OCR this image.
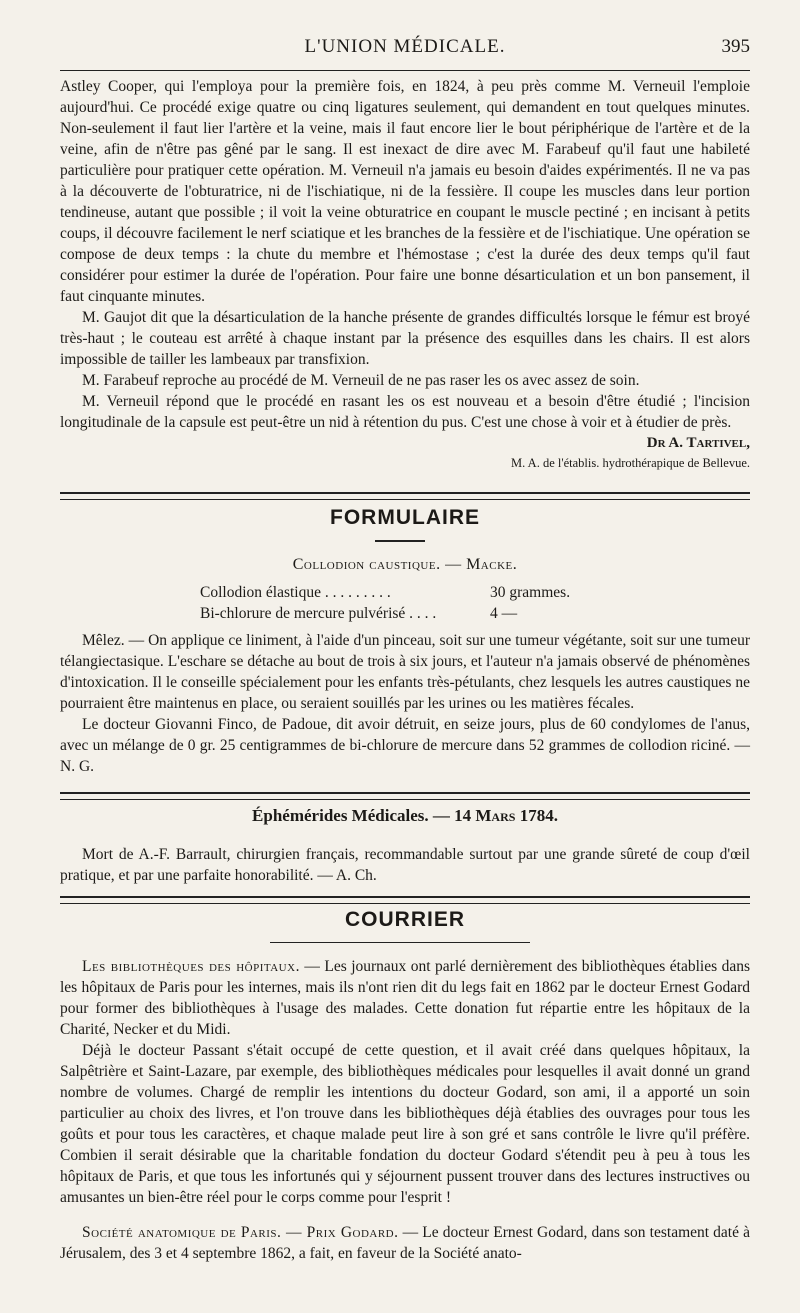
L'UNION MÉDICALE.	395

Astley Cooper, qui l'employa pour la première fois, en 1824, à peu près comme M. Verneuil l'emploie aujourd'hui. Ce procédé exige quatre ou cinq ligatures seulement, qui demandent en tout quelques minutes. Non-seulement il faut lier l'artère et la veine, mais il faut encore lier le bout périphérique de l'artère et de la veine, afin de n'être pas gêné par le sang. Il est inexact de dire avec M. Farabeuf qu'il faut une habileté particulière pour pratiquer cette opération. M. Verneuil n'a jamais eu besoin d'aides expérimentés. Il ne va pas à la découverte de l'obturatrice, ni de l'ischiatique, ni de la fessière. Il coupe les muscles dans leur portion tendineuse, autant que possible ; il voit la veine obturatrice en coupant le muscle pectiné ; en incisant à petits coups, il découvre facilement le nerf sciatique et les branches de la fessière et de l'ischiatique. Une opération se compose de deux temps : la chute du membre et l'hémostase ; c'est la durée des deux temps qu'il faut considérer pour estimer la durée de l'opération. Pour faire une bonne désarticulation et un bon pansement, il faut cinquante minutes.

M. Gaujot dit que la désarticulation de la hanche présente de grandes difficultés lorsque le fémur est broyé très-haut ; le couteau est arrêté à chaque instant par la présence des esquilles dans les chairs. Il est alors impossible de tailler les lambeaux par transfixion.

M. Farabeuf reproche au procédé de M. Verneuil de ne pas raser les os avec assez de soin.

M. Verneuil répond que le procédé en rasant les os est nouveau et a besoin d'être étudié ; l'incision longitudinale de la capsule est peut-être un nid à rétention du pus. C'est une chose à voir et à étudier de près.

Dr A. Tartivel,
M. A. de l'établis. hydrothérapique de Bellevue.
FORMULAIRE
Collodion caustique. — Macke.
Collodion élastique . . . . . . . . .	30 grammes.
Bi-chlorure de mercure pulvérisé . . . .	4 —

Mêlez. — On applique ce liniment, à l'aide d'un pinceau, soit sur une tumeur végétante, soit sur une tumeur télangiectasique. L'eschare se détache au bout de trois à six jours, et l'auteur n'a jamais observé de phénomènes d'intoxication. Il le conseille spécialement pour les enfants très-pétulants, chez lesquels les autres caustiques ne pourraient être maintenus en place, ou seraient souillés par les urines ou les matières fécales.

Le docteur Giovanni Finco, de Padoue, dit avoir détruit, en seize jours, plus de 60 condylomes de l'anus, avec un mélange de 0 gr. 25 centigrammes de bi-chlorure de mercure dans 52 grammes de collodion riciné. — N. G.

Éphémérides Médicales. — 14 Mars 1784.

Mort de A.-F. Barrault, chirurgien français, recommandable surtout par une grande sûreté de coup d'œil pratique, et par une parfaite honorabilité. — A. Ch.

COURRIER

Les bibliothèques des hôpitaux. — Les journaux ont parlé dernièrement des bibliothèques établies dans les hôpitaux de Paris pour les internes, mais ils n'ont rien dit du legs fait en 1862 par le docteur Ernest Godard pour former des bibliothèques à l'usage des malades. Cette donation fut répartie entre les hôpitaux de la Charité, Necker et du Midi.

Déjà le docteur Passant s'était occupé de cette question, et il avait créé dans quelques hôpitaux, la Salpêtrière et Saint-Lazare, par exemple, des bibliothèques médicales pour lesquelles il avait donné un grand nombre de volumes. Chargé de remplir les intentions du docteur Godard, son ami, il a apporté un soin particulier au choix des livres, et l'on trouve dans les bibliothèques déjà établies des ouvrages pour tous les goûts et pour tous les caractères, et chaque malade peut lire à son gré et sans contrôle le livre qu'il préfère. Combien il serait désirable que la charitable fondation du docteur Godard s'étendit peu à peu à tous les hôpitaux de Paris, et que tous les infortunés qui y séjournent pussent trouver dans des lectures instructives ou amusantes un bien-être réel pour le corps comme pour l'esprit !

Société anatomique de Paris. — Prix Godard. — Le docteur Ernest Godard, dans son testament daté à Jérusalem, des 3 et 4 septembre 1862, a fait, en faveur de la Société anato-
